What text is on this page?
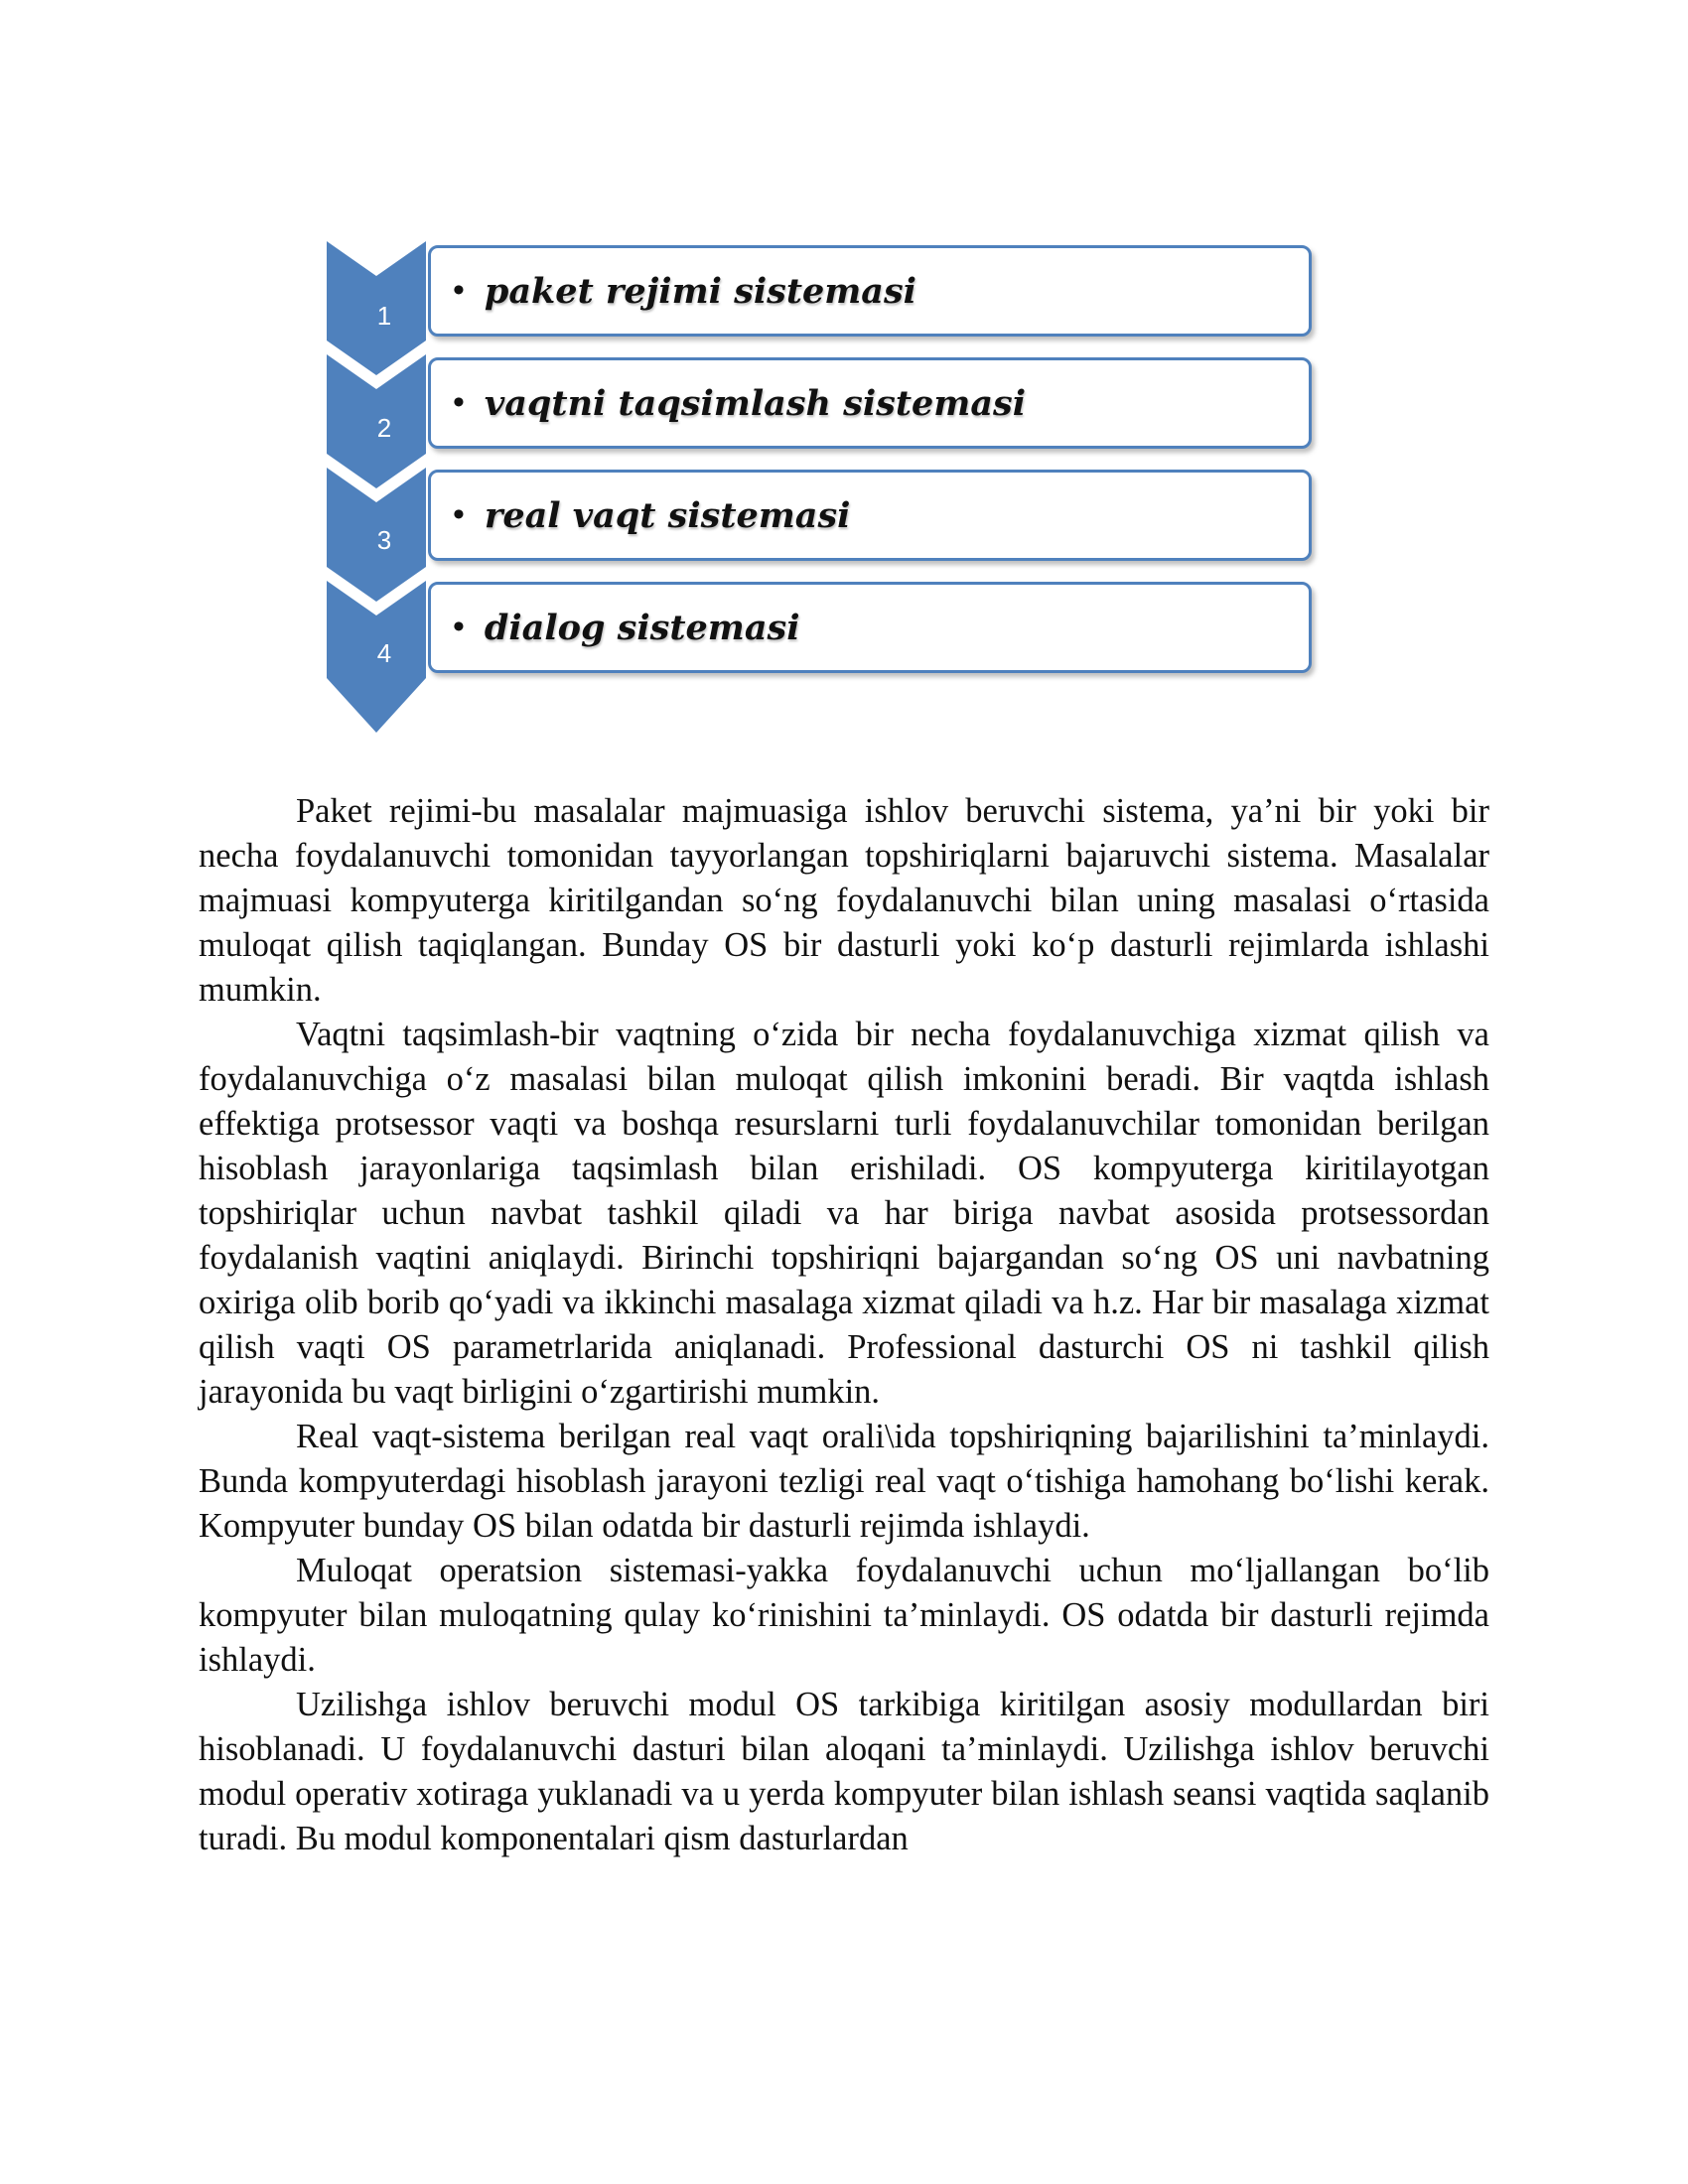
1
2
3
4
• paket rejimi sistemasi
• vaqtni taqsimlash sistemasi
• real vaqt sistemasi
• dialog sistemasi

Paket rejimi-bu masalalar majmuasiga ishlov beruvchi sistema, ya’ni bir yoki bir necha foydalanuvchi tomonidan tayyorlangan topshiriqlarni bajaruvchi sistema. Masalalar majmuasi kompyuterga kiritilgandan so‘ng foydalanuvchi bilan uning masalasi o‘rtasida muloqat qilish taqiqlangan. Bunday OS bir dasturli yoki ko‘p dasturli rejimlarda ishlashi mumkin.

Vaqtni taqsimlash-bir vaqtning o‘zida bir necha foydalanuvchiga xizmat qilish va foydalanuvchiga o‘z masalasi bilan muloqat qilish imkonini beradi. Bir vaqtda ishlash effektiga protsessor vaqti va boshqa resurslarni turli foydalanuvchilar tomonidan berilgan hisoblash jarayonlariga taqsimlash bilan erishiladi. OS kompyuterga kiritilayotgan topshiriqlar uchun navbat tashkil qiladi va har biriga navbat asosida protsessordan foydalanish vaqtini aniqlaydi. Birinchi topshiriqni bajargandan so‘ng OS uni navbatning oxiriga olib borib qo‘yadi va ikkinchi masalaga xizmat qiladi va h.z. Har bir masalaga xizmat qilish vaqti OS parametrlarida aniqlanadi. Professional dasturchi OS ni tashkil qilish jarayonida bu vaqt birligini o‘zgartirishi mumkin.

Real vaqt-sistema berilgan real vaqt orali\ida topshiriqning bajarilishini ta’minlaydi. Bunda kompyuterdagi hisoblash jarayoni tezligi real vaqt o‘tishiga hamohang bo‘lishi kerak. Kompyuter bunday OS bilan odatda bir dasturli rejimda ishlaydi.

Muloqat operatsion sistemasi-yakka foydalanuvchi uchun mo‘ljallangan bo‘lib kompyuter bilan muloqatning qulay ko‘rinishini ta’minlaydi. OS odatda bir dasturli rejimda ishlaydi.

Uzilishga ishlov beruvchi modul OS tarkibiga kiritilgan asosiy modullardan biri hisoblanadi. U foydalanuvchi dasturi bilan aloqani ta’minlaydi. Uzilishga ishlov beruvchi modul operativ xotiraga yuklanadi va u yerda kompyuter bilan ishlash seansi vaqtida saqlanib turadi. Bu modul komponentalari qism dasturlardan
